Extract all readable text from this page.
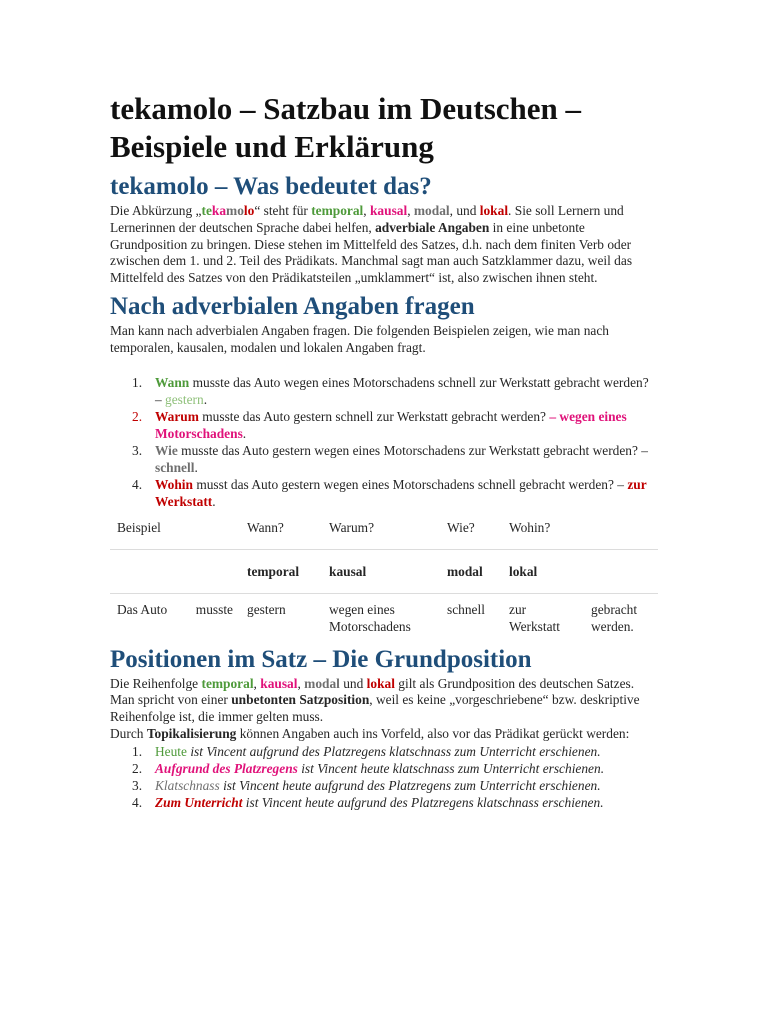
tekamolo – Satzbau im Deutschen – Beispiele und Erklärung
tekamolo – Was bedeutet das?

Die Abkürzung „tekamolo“ steht für temporal, kausal, modal, und lokal. Sie soll Lernern und Lernerinnen der deutschen Sprache dabei helfen, adverbiale Angaben in eine unbetonte Grundposition zu bringen. Diese stehen im Mittelfeld des Satzes, d.h. nach dem finiten Verb oder zwischen dem 1. und 2. Teil des Prädikats. Manchmal sagt man auch Satzklammer dazu, weil das Mittelfeld des Satzes von den Prädikatsteilen „umklammert“ ist, also zwischen ihnen steht.

Nach adverbialen Angaben fragen

Man kann nach adverbialen Angaben fragen. Die folgenden Beispielen zeigen, wie man nach temporalen, kausalen, modalen und lokalen Angaben fragt.

1. Wann musste das Auto wegen eines Motorschadens schnell zur Werkstatt gebracht werden? – gestern.
2. Warum musste das Auto gestern schnell zur Werkstatt gebracht werden? – wegen eines Motorschadens.
3. Wie musste das Auto gestern wegen eines Motorschadens zur Werkstatt gebracht werden? – schnell.
4. Wohin musst das Auto gestern wegen eines Motorschadens schnell gebracht werden? – zur Werkstatt.
Beispiel		Wann?	Warum?	Wie?	Wohin?	
		temporal	kausal	modal	lokal	
Das Auto	musste	gestern	wegen eines Motorschadens	schnell	zur Werkstatt	gebracht werden.
Positionen im Satz – Die Grundposition

Die Reihenfolge temporal, kausal, modal und lokal gilt als Grundposition des deutschen Satzes. Man spricht von einer unbetonten Satzposition, weil es keine „vorgeschriebene“ bzw. deskriptive Reihenfolge ist, die immer gelten muss.

Durch Topikalisierung können Angaben auch ins Vorfeld, also vor das Prädikat gerückt werden:

1. Heute ist Vincent aufgrund des Platzregens klatschnass zum Unterricht erschienen.
2. Aufgrund des Platzregens ist Vincent heute klatschnass zum Unterricht erschienen.
3. Klatschnass ist Vincent heute aufgrund des Platzregens zum Unterricht erschienen.
4. Zum Unterricht ist Vincent heute aufgrund des Platzregens klatschnass erschienen.
